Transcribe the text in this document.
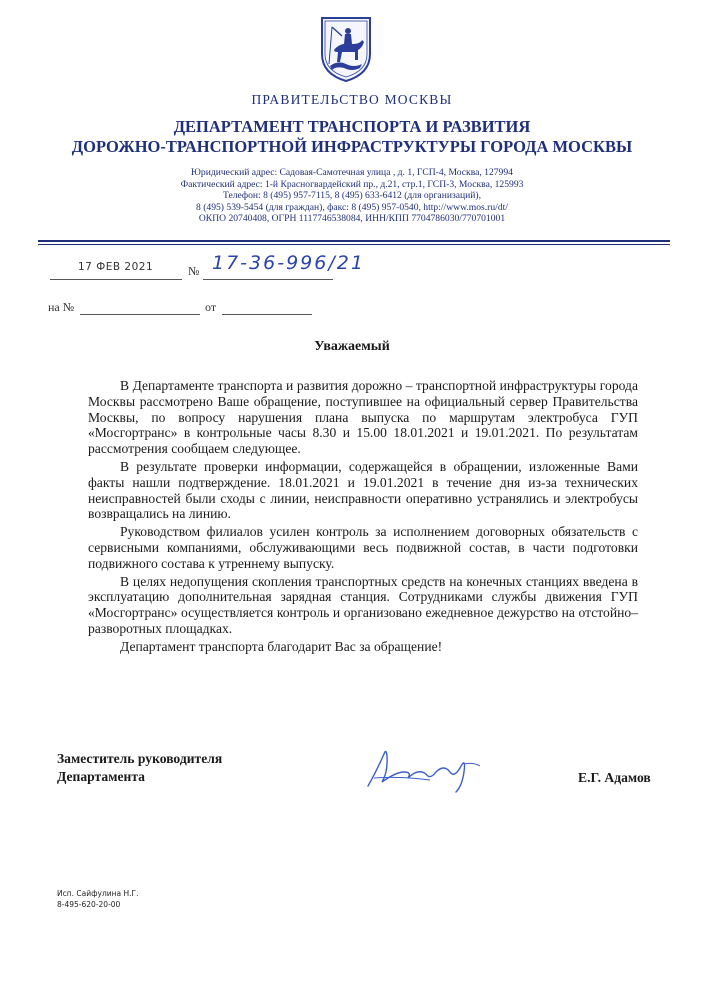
ПРАВИТЕЛЬСТВО МОСКВЫ
ДЕПАРТАМЕНТ ТРАНСПОРТА И РАЗВИТИЯ
ДОРОЖНО-ТРАНСПОРТНОЙ ИНФРАСТРУКТУРЫ ГОРОДА МОСКВЫ
Юридический адрес: Садовая-Самотечная улица , д. 1, ГСП-4, Москва, 127994
Фактический адрес: 1-й Красногвардейский пр., д.21, стр.1, ГСП-3, Москва, 125993
Телефон: 8 (495) 957-7115, 8 (495) 633-6412 (для организаций),
8 (495) 539-5454 (для граждан), факс: 8 (495) 957-0540, http://www.mos.ru/dt/
ОКПО 20740408, ОГРН 1117746538084, ИНН/КПП 7704786030/770701001
17 ФЕВ 2021	№ 17-36-996/21
на №	от
Уважаемый

В Департаменте транспорта и развития дорожно – транспортной инфраструктуры города Москвы рассмотрено Ваше обращение, поступившее на официальный сервер Правительства Москвы, по вопросу нарушения плана выпуска по маршрутам электробуса ГУП «Мосгортранс» в контрольные часы 8.30 и 15.00 18.01.2021 и 19.01.2021. По результатам рассмотрения сообщаем следующее.

В результате проверки информации, содержащейся в обращении, изложенные Вами факты нашли подтверждение. 18.01.2021 и 19.01.2021 в течение дня из-за технических неисправностей были сходы с линии, неисправности оперативно устранялись и электробусы возвращались на линию.

Руководством филиалов усилен контроль за исполнением договорных обязательств с сервисными компаниями, обслуживающими весь подвижной состав, в части подготовки подвижного состава к утреннему выпуску.

В целях недопущения скопления транспортных средств на конечных станциях введена в эксплуатацию дополнительная зарядная станция. Сотрудниками службы движения ГУП «Мосгортранс» осуществляется контроль и организовано ежедневное дежурство на отстойно–разворотных площадках.

Департамент транспорта благодарит Вас за обращение!

Заместитель руководителя
Департамента	Е.Г. Адамов
Исп. Сайфулина Н.Г.
8-495-620-20-00
